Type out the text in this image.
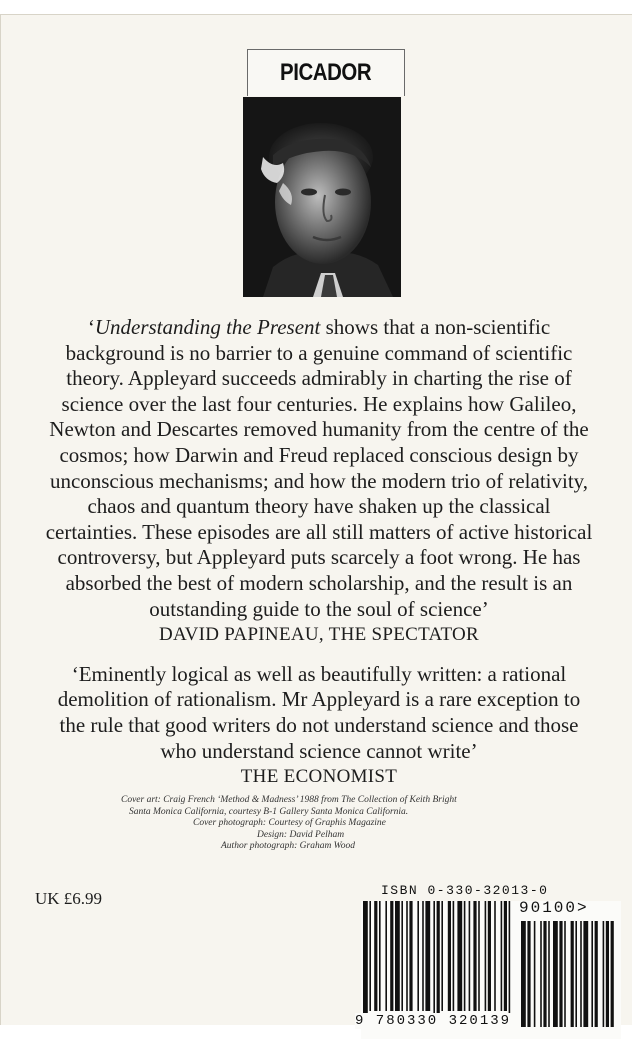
PICADOR

‘Understanding the Present shows that a non-scientific background is no barrier to a genuine command of scientific theory. Appleyard succeeds admirably in charting the rise of science over the last four centuries. He explains how Galileo, Newton and Descartes removed humanity from the centre of the cosmos; how Darwin and Freud replaced conscious design by unconscious mechanisms; and how the modern trio of relativity, chaos and quantum theory have shaken up the classical certainties. These episodes are all still matters of active historical controversy, but Appleyard puts scarcely a foot wrong. He has absorbed the best of modern scholarship, and the result is an outstanding guide to the soul of science’

DAVID PAPINEAU, THE SPECTATOR

‘Eminently logical as well as beautifully written: a rational demolition of rationalism. Mr Appleyard is a rare exception to the rule that good writers do not understand science and those who understand science cannot write’

THE ECONOMIST

Cover art: Craig French ‘Method & Madness’ 1988 from The Collection of Keith Bright
Santa Monica California, courtesy B-1 Gallery Santa Monica California.
Cover photograph: Courtesy of Graphis Magazine
Design: David Pelham
Author photograph: Graham Wood
UK £6.99	ISBN 0-330-32013-0
90100>
9 780330 320139
